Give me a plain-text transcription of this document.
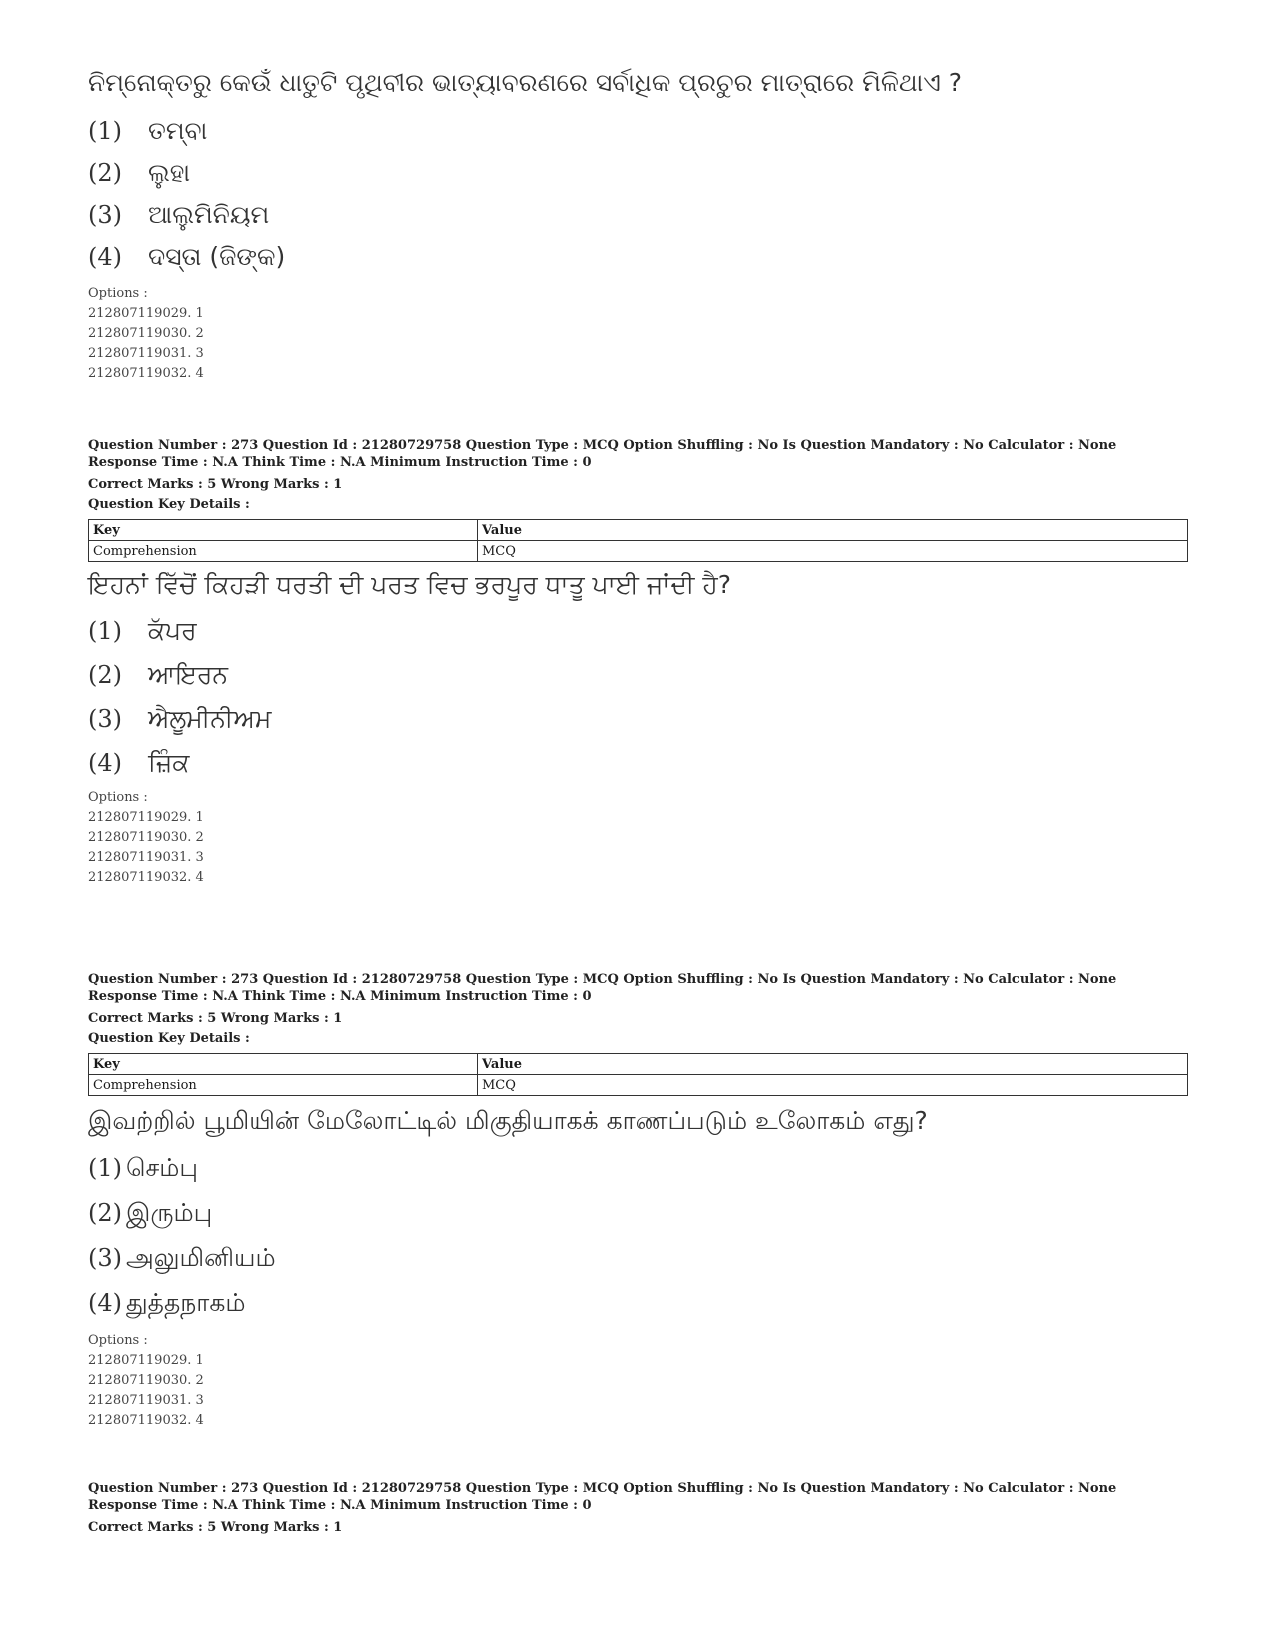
ନିମ୍ନୋକ୍ତରୁ କେଉଁ ଧାତୁଟି ପୃଥିବୀର ଭାତ୍ୟାବରଣରେ ସର୍ବାଧିକ ପ୍ରଚୁର ମାତ୍ରାରେ ମିଳିଥାଏ ?
(1)	ତମ୍ବା
(2)	ଲୁହା
(3)	ଆଲୁମିନିୟମ
(4)	ଦସ୍ତା (ଜିଙ୍କ)
Options :
212807119029. 1
212807119030. 2
212807119031. 3
212807119032. 4
Question Number : 273 Question Id : 21280729758 Question Type : MCQ Option Shuffling : No Is Question Mandatory : No Calculator : None
Response Time : N.A Think Time : N.A Minimum Instruction Time : 0
Correct Marks : 5 Wrong Marks : 1
Question Key Details :
Key	Value
Comprehension	MCQ
ਇਹਨਾਂ ਵਿੱਚੋਂ ਕਿਹੜੀ ਧਰਤੀ ਦੀ ਪਰਤ ਵਿਚ ਭਰਪੂਰ ਧਾਤੂ ਪਾਈ ਜਾਂਦੀ ਹੈ?
(1)	ਕੱਪਰ
(2)	ਆਇਰਨ
(3)	ਐਲੂਮੀਨੀਅਮ
(4)	ਜ਼ਿੰਕ
Options :
212807119029. 1
212807119030. 2
212807119031. 3
212807119032. 4
Question Number : 273 Question Id : 21280729758 Question Type : MCQ Option Shuffling : No Is Question Mandatory : No Calculator : None
Response Time : N.A Think Time : N.A Minimum Instruction Time : 0
Correct Marks : 5 Wrong Marks : 1
Question Key Details :
Key	Value
Comprehension	MCQ
இவற்றில் பூமியின் மேலோட்டில் மிகுதியாகக் காணப்படும் உலோகம் எது?
(1) செம்பு
(2) இரும்பு
(3) அலுமினியம்
(4) துத்தநாகம்
Options :
212807119029. 1
212807119030. 2
212807119031. 3
212807119032. 4
Question Number : 273 Question Id : 21280729758 Question Type : MCQ Option Shuffling : No Is Question Mandatory : No Calculator : None
Response Time : N.A Think Time : N.A Minimum Instruction Time : 0
Correct Marks : 5 Wrong Marks : 1
